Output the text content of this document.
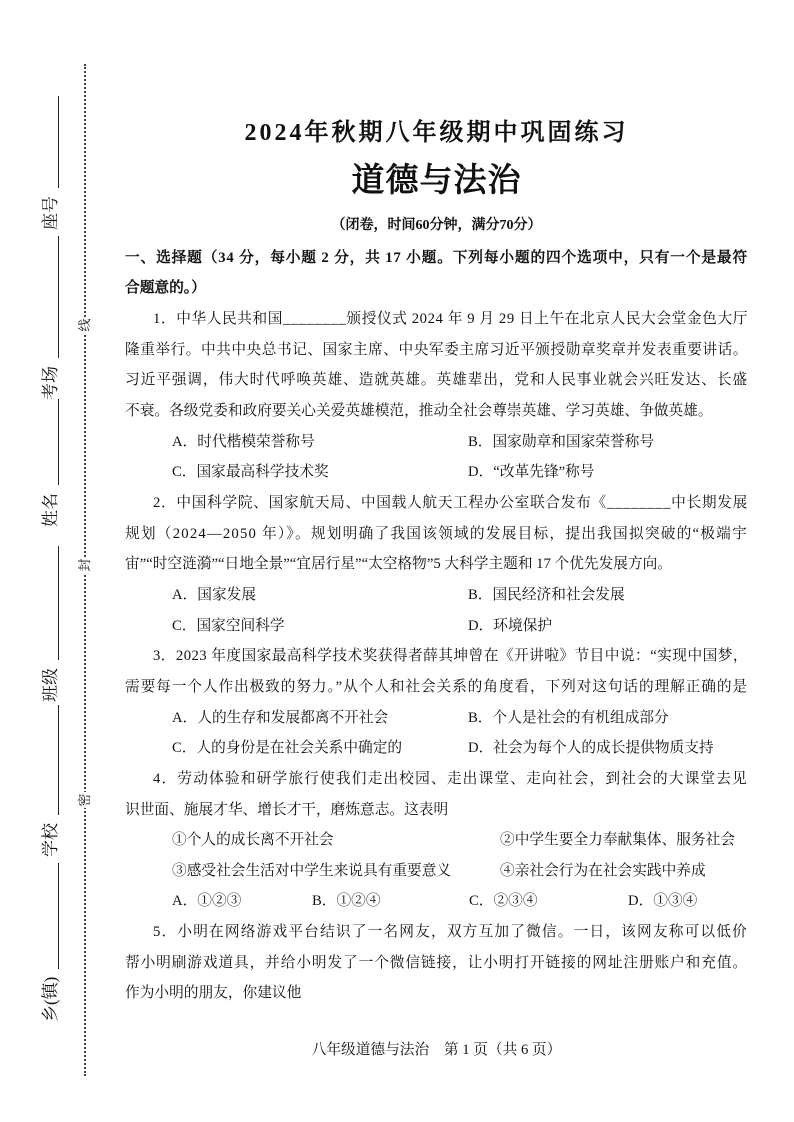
乡(镇)
学校
班级
姓名
考场
座号
线
封
密
2024年秋期八年级期中巩固练习
道德与法治
（闭卷，时间60分钟，满分70分）
一、选择题（34 分，每小题 2 分，共 17 小题。下列每小题的四个选项中，只有一个是最符
合题意的。）
1．中华人民共和国________颁授仪式 2024 年 9 月 29 日上午在北京人民大会堂金色大厅
隆重举行。中共中央总书记、国家主席、中央军委主席习近平颁授勋章奖章并发表重要讲话。
习近平强调，伟大时代呼唤英雄、造就英雄。英雄辈出，党和人民事业就会兴旺发达、长盛
不衰。各级党委和政府要关心关爱英雄模范，推动全社会尊崇英雄、学习英雄、争做英雄。
A．时代楷模荣誉称号	B．国家勋章和国家荣誉称号
C．国家最高科学技术奖	D．“改革先锋”称号
2．中国科学院、国家航天局、中国载人航天工程办公室联合发布《________中长期发展
规划（2024—2050 年）》。规划明确了我国该领域的发展目标，提出我国拟突破的“极端宇
宙”“时空涟漪”“日地全景”“宜居行星”“太空格物”5 大科学主题和 17 个优先发展方向。
A．国家发展	B．国民经济和社会发展
C．国家空间科学	D．环境保护
3．2023 年度国家最高科学技术奖获得者薛其坤曾在《开讲啦》节目中说：“实现中国梦，
需要每一个人作出极致的努力。”从个人和社会关系的角度看，下列对这句话的理解正确的是
A．人的生存和发展都离不开社会	B．个人是社会的有机组成部分
C．人的身份是在社会关系中确定的	D．社会为每个人的成长提供物质支持
4．劳动体验和研学旅行使我们走出校园、走出课堂、走向社会，到社会的大课堂去见
识世面、施展才华、增长才干，磨炼意志。这表明
①个人的成长离不开社会	②中学生要全力奉献集体、服务社会
③感受社会生活对中学生来说具有重要意义	④亲社会行为在社会实践中养成
A．①②③	B．①②④	C．②③④	D．①③④
5．小明在网络游戏平台结识了一名网友，双方互加了微信。一日，该网友称可以低价
帮小明刷游戏道具，并给小明发了一个微信链接，让小明打开链接的网址注册账户和充值。
作为小明的朋友，你建议他
八年级道德与法治　第 1 页（共 6 页）
